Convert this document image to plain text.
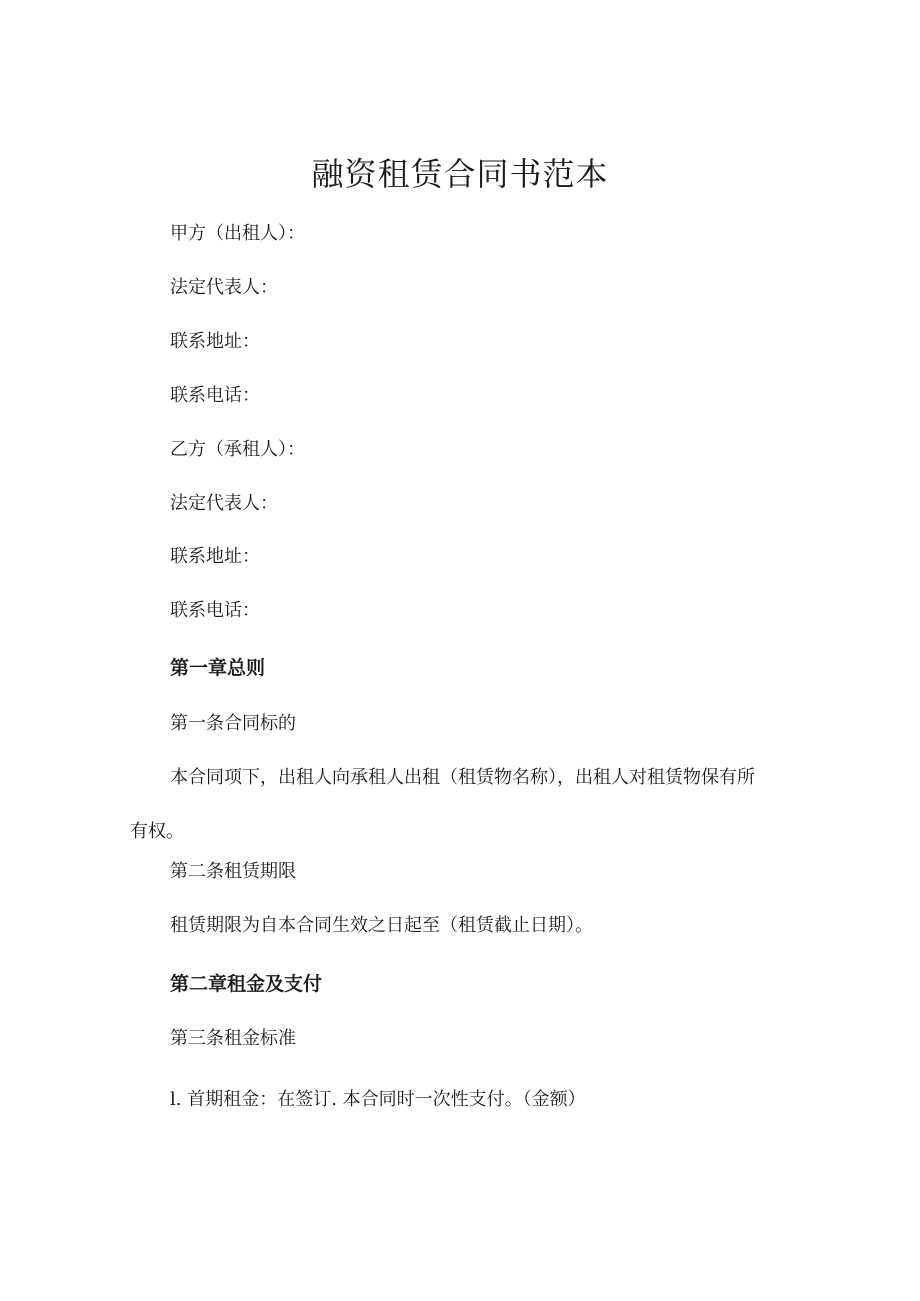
融资租赁合同书范本
甲方（出租人）：
法定代表人：
联系地址：
联系电话：
乙方（承租人）：
法定代表人：
联系地址：
联系电话：
第一章总则
第一条合同标的
本合同项下，出租人向承租人出租（租赁物名称），出租人对租赁物保有所
有权。
第二条租赁期限
租赁期限为自本合同生效之日起至（租赁截止日期）。
第二章租金及支付
第三条租金标准
l. 首期租金：在签订. 本合同时一次性支付。（金额）
